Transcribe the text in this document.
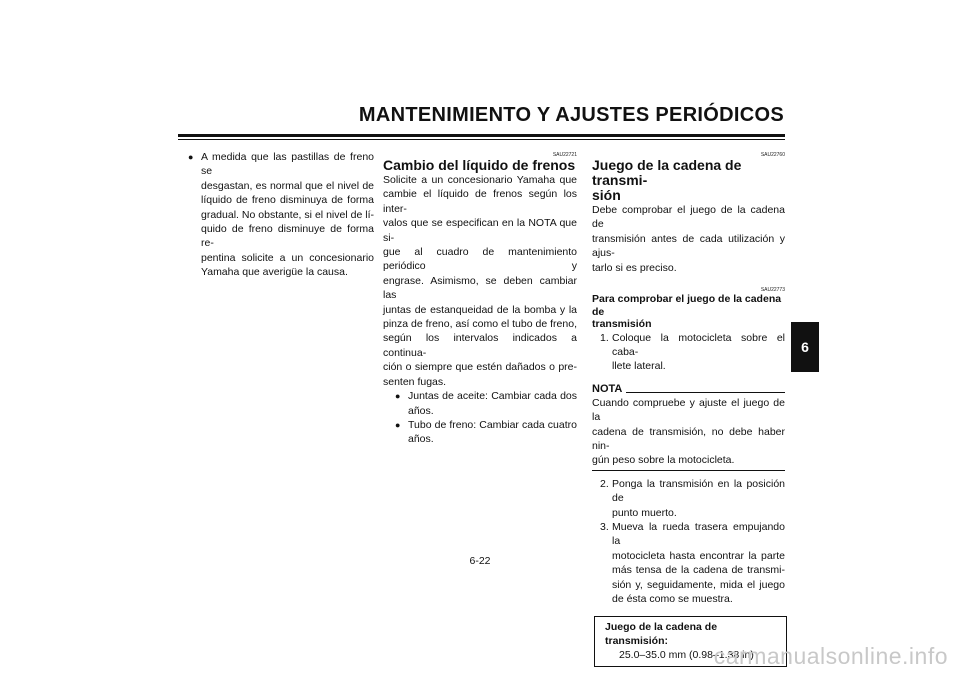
MANTENIMIENTO Y AJUSTES PERIÓDICOS

● A medida que las pastillas de freno se

desgastan, es normal que el nivel de

líquido de freno disminuya de forma

gradual. No obstante, si el nivel de lí-

quido de freno disminuye de forma re-

pentina solicite a un concesionario

Yamaha que averigüe la causa.

SAU22721

Cambio del líquido de frenos

Solicite a un concesionario Yamaha que

cambie el líquido de frenos según los inter-

valos que se especifican en la NOTA que si-

gue al cuadro de mantenimiento periódico y

engrase. Asimismo, se deben cambiar las

juntas de estanqueidad de la bomba y la

pinza de freno, así como el tubo de freno,

según los intervalos indicados a continua-

ción o siempre que estén dañados o pre-

senten fugas.

● Juntas de aceite: Cambiar cada dos

años.

● Tubo de freno: Cambiar cada cuatro

años.

SAU22760

Juego de la cadena de transmi-

sión

Debe comprobar el juego de la cadena de

transmisión antes de cada utilización y ajus-

tarlo si es preciso.

SAU22773

Para comprobar el juego de la cadena de

transmisión

1. Coloque la motocicleta sobre el caba-

llete lateral.

NOTA

Cuando compruebe y ajuste el juego de la

cadena de transmisión, no debe haber nin-

gún peso sobre la motocicleta.

2. Ponga la transmisión en la posición de

punto muerto.

3. Mueva la rueda trasera empujando la

motocicleta hasta encontrar la parte

más tensa de la cadena de transmi-

sión y, seguidamente, mida el juego

de ésta como se muestra.

Juego de la cadena de transmisión:
25.0–35.0 mm (0.98–1.38 in)
6
6-22
carmanualsonline.info
